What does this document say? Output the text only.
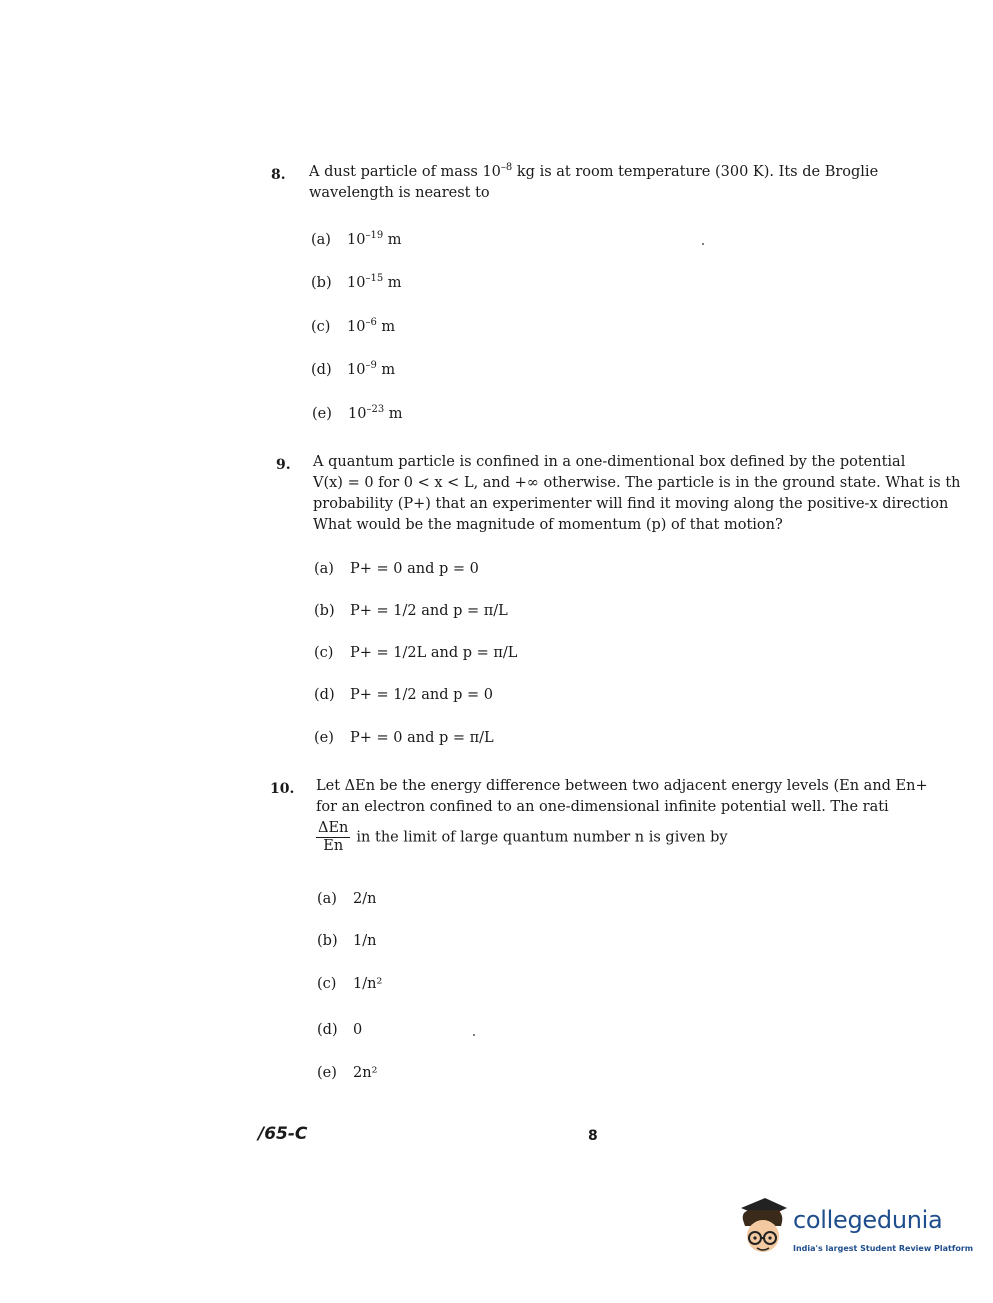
8. A dust particle of mass $10^{-8}$ kg is at room temperature (300 K). Its de Broglie
wavelength is nearest to
(a) $10^{-19}$ m
(b) $10^{-15}$ m
(c) $10^{-6}$ m
(d) $10^{-9}$ m
(e) $10^{-23}$ m
9. A quantum particle is confined in a one-dimentional box defined by the potential
V(x) = 0 for 0 < x < L, and +∞ otherwise. The particle is in the ground state. What is th
probability (P+) that an experimenter will find it moving along the positive-x direction
What would be the magnitude of momentum (p) of that motion?
(a) P+ = 0 and p = 0
(b) P+ = 1/2 and p = π/L
(c) P+ = 1/2L and p = π/L
(d) P+ = 1/2 and p = 0
(e) P+ = 0 and p = π/L
10. Let ΔEn be the energy difference between two adjacent energy levels (En and En+
for an electron confined to an one-dimensional infinite potential well. The rati
$\frac{\text{ΔEn}}{En}$ in the limit of large quantum number n is given by
(a) 2/n
(b) 1/n
(c) 1/n²
(d) 0
(e) 2n²
/65-C	8
collegedunia
India's largest Student Review Platform
